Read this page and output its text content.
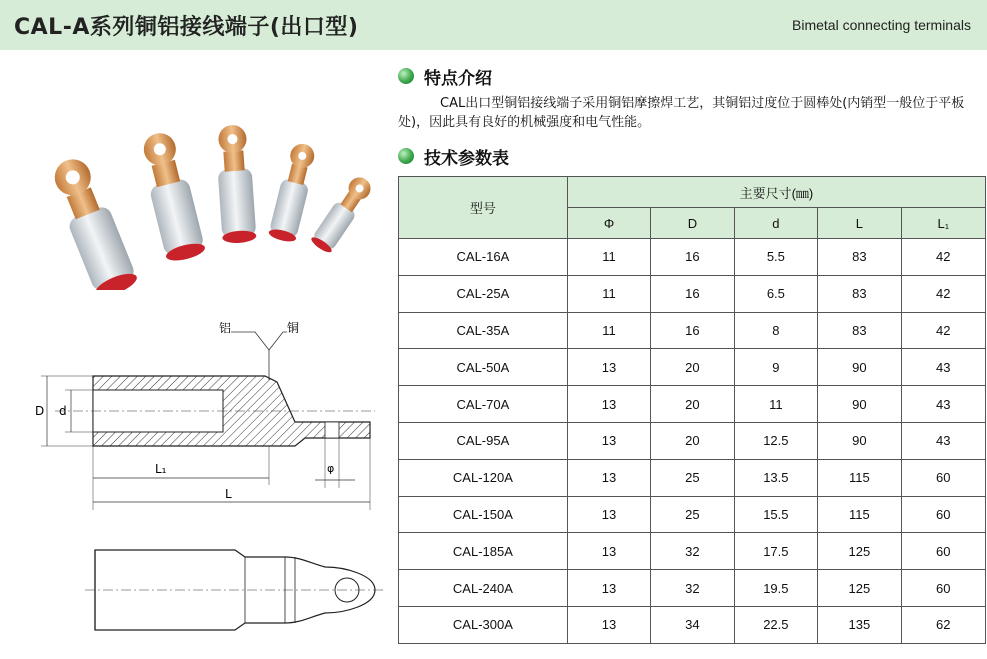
CAL-A系列铜铝接线端子(出口型)	Bimetal connecting terminals
特点介绍
CAL出口型铜铝接线端子采用铜铝摩擦焊工艺，其铜铝过度位于圆棒处(内销型一般位于平板处)，因此具有良好的机械强度和电气性能。
技术参数表
型号	主要尺寸(㎜)				
	Φ	D	d	L	L₁
CAL-16A	11	16	5.5	83	42
CAL-25A	11	16	6.5	83	42
CAL-35A	11	16	8	83	42
CAL-50A	13	20	9	90	43
CAL-70A	13	20	11	90	43
CAL-95A	13	20	12.5	90	43
CAL-120A	13	25	13.5	115	60
CAL-150A	13	25	15.5	115	60
CAL-185A	13	32	17.5	125	60
CAL-240A	13	32	19.5	125	60
CAL-300A	13	34	22.5	135	62
铝	铜
D d
L₁	φ
L
